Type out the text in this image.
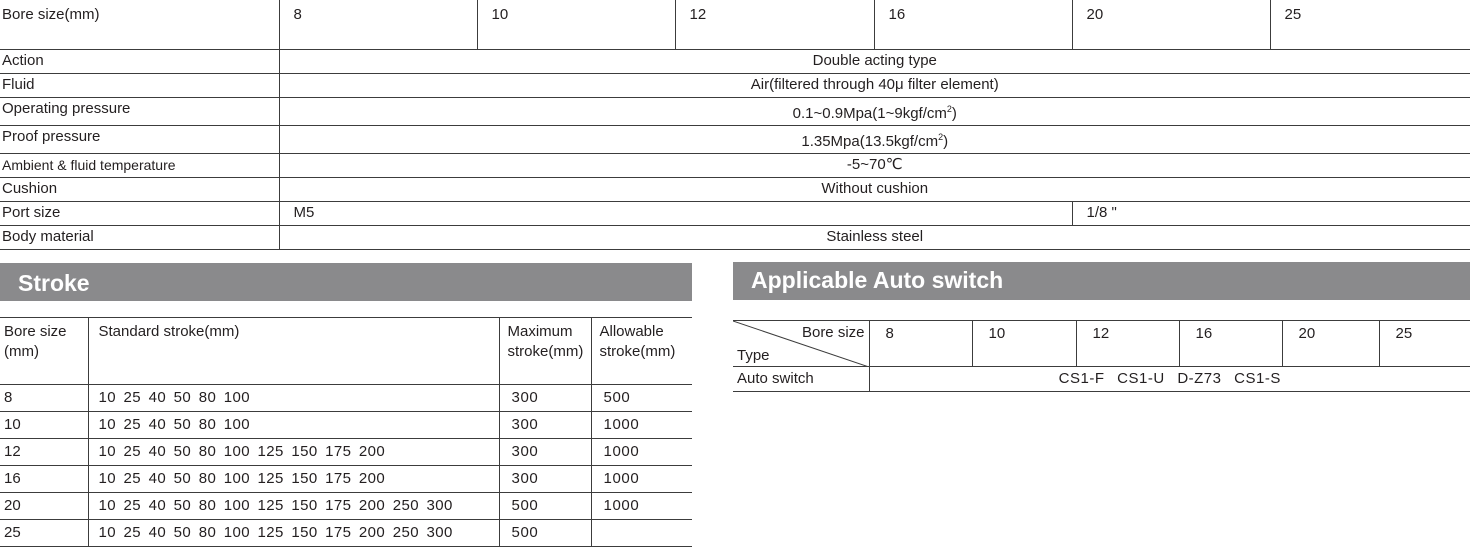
Bore size(mm)	8	10	12	16	20	25
Action	Double acting type					
Fluid	Air(filtered through 40μ filter element)					
Operating pressure	$0.1\sim 0.9Mpa(1\sim 9kgf/cm^2)$					
Proof pressure	$1.35Mpa(13.5kgf/cm^2)$					
Ambient & fluid temperature	-5~70℃					
Cushion	Without cushion					
Port size	M5				1/8 "	
Body material	Stainless steel					
Stroke	Applicable Auto switch
Bore size (mm)	Standard stroke(mm)	Maximum stroke(mm)	Allowable stroke(mm)
8	10 25 40 50 80 100	300	500
10	10 25 40 50 80 100	300	1000
12	10 25 40 50 80 100 125 150 175 200	300	1000
16	10 25 40 50 80 100 125 150 175 200	300	1000
20	10 25 40 50 80 100 125 150 175 200 250 300	500	1000
25	10 25 40 50 80 100 125 150 175 200 250 300	500	
Bore size
Type	8	10	12	16	20	25
Auto switch	CS1-F CS1-U D-Z73 CS1-S					
